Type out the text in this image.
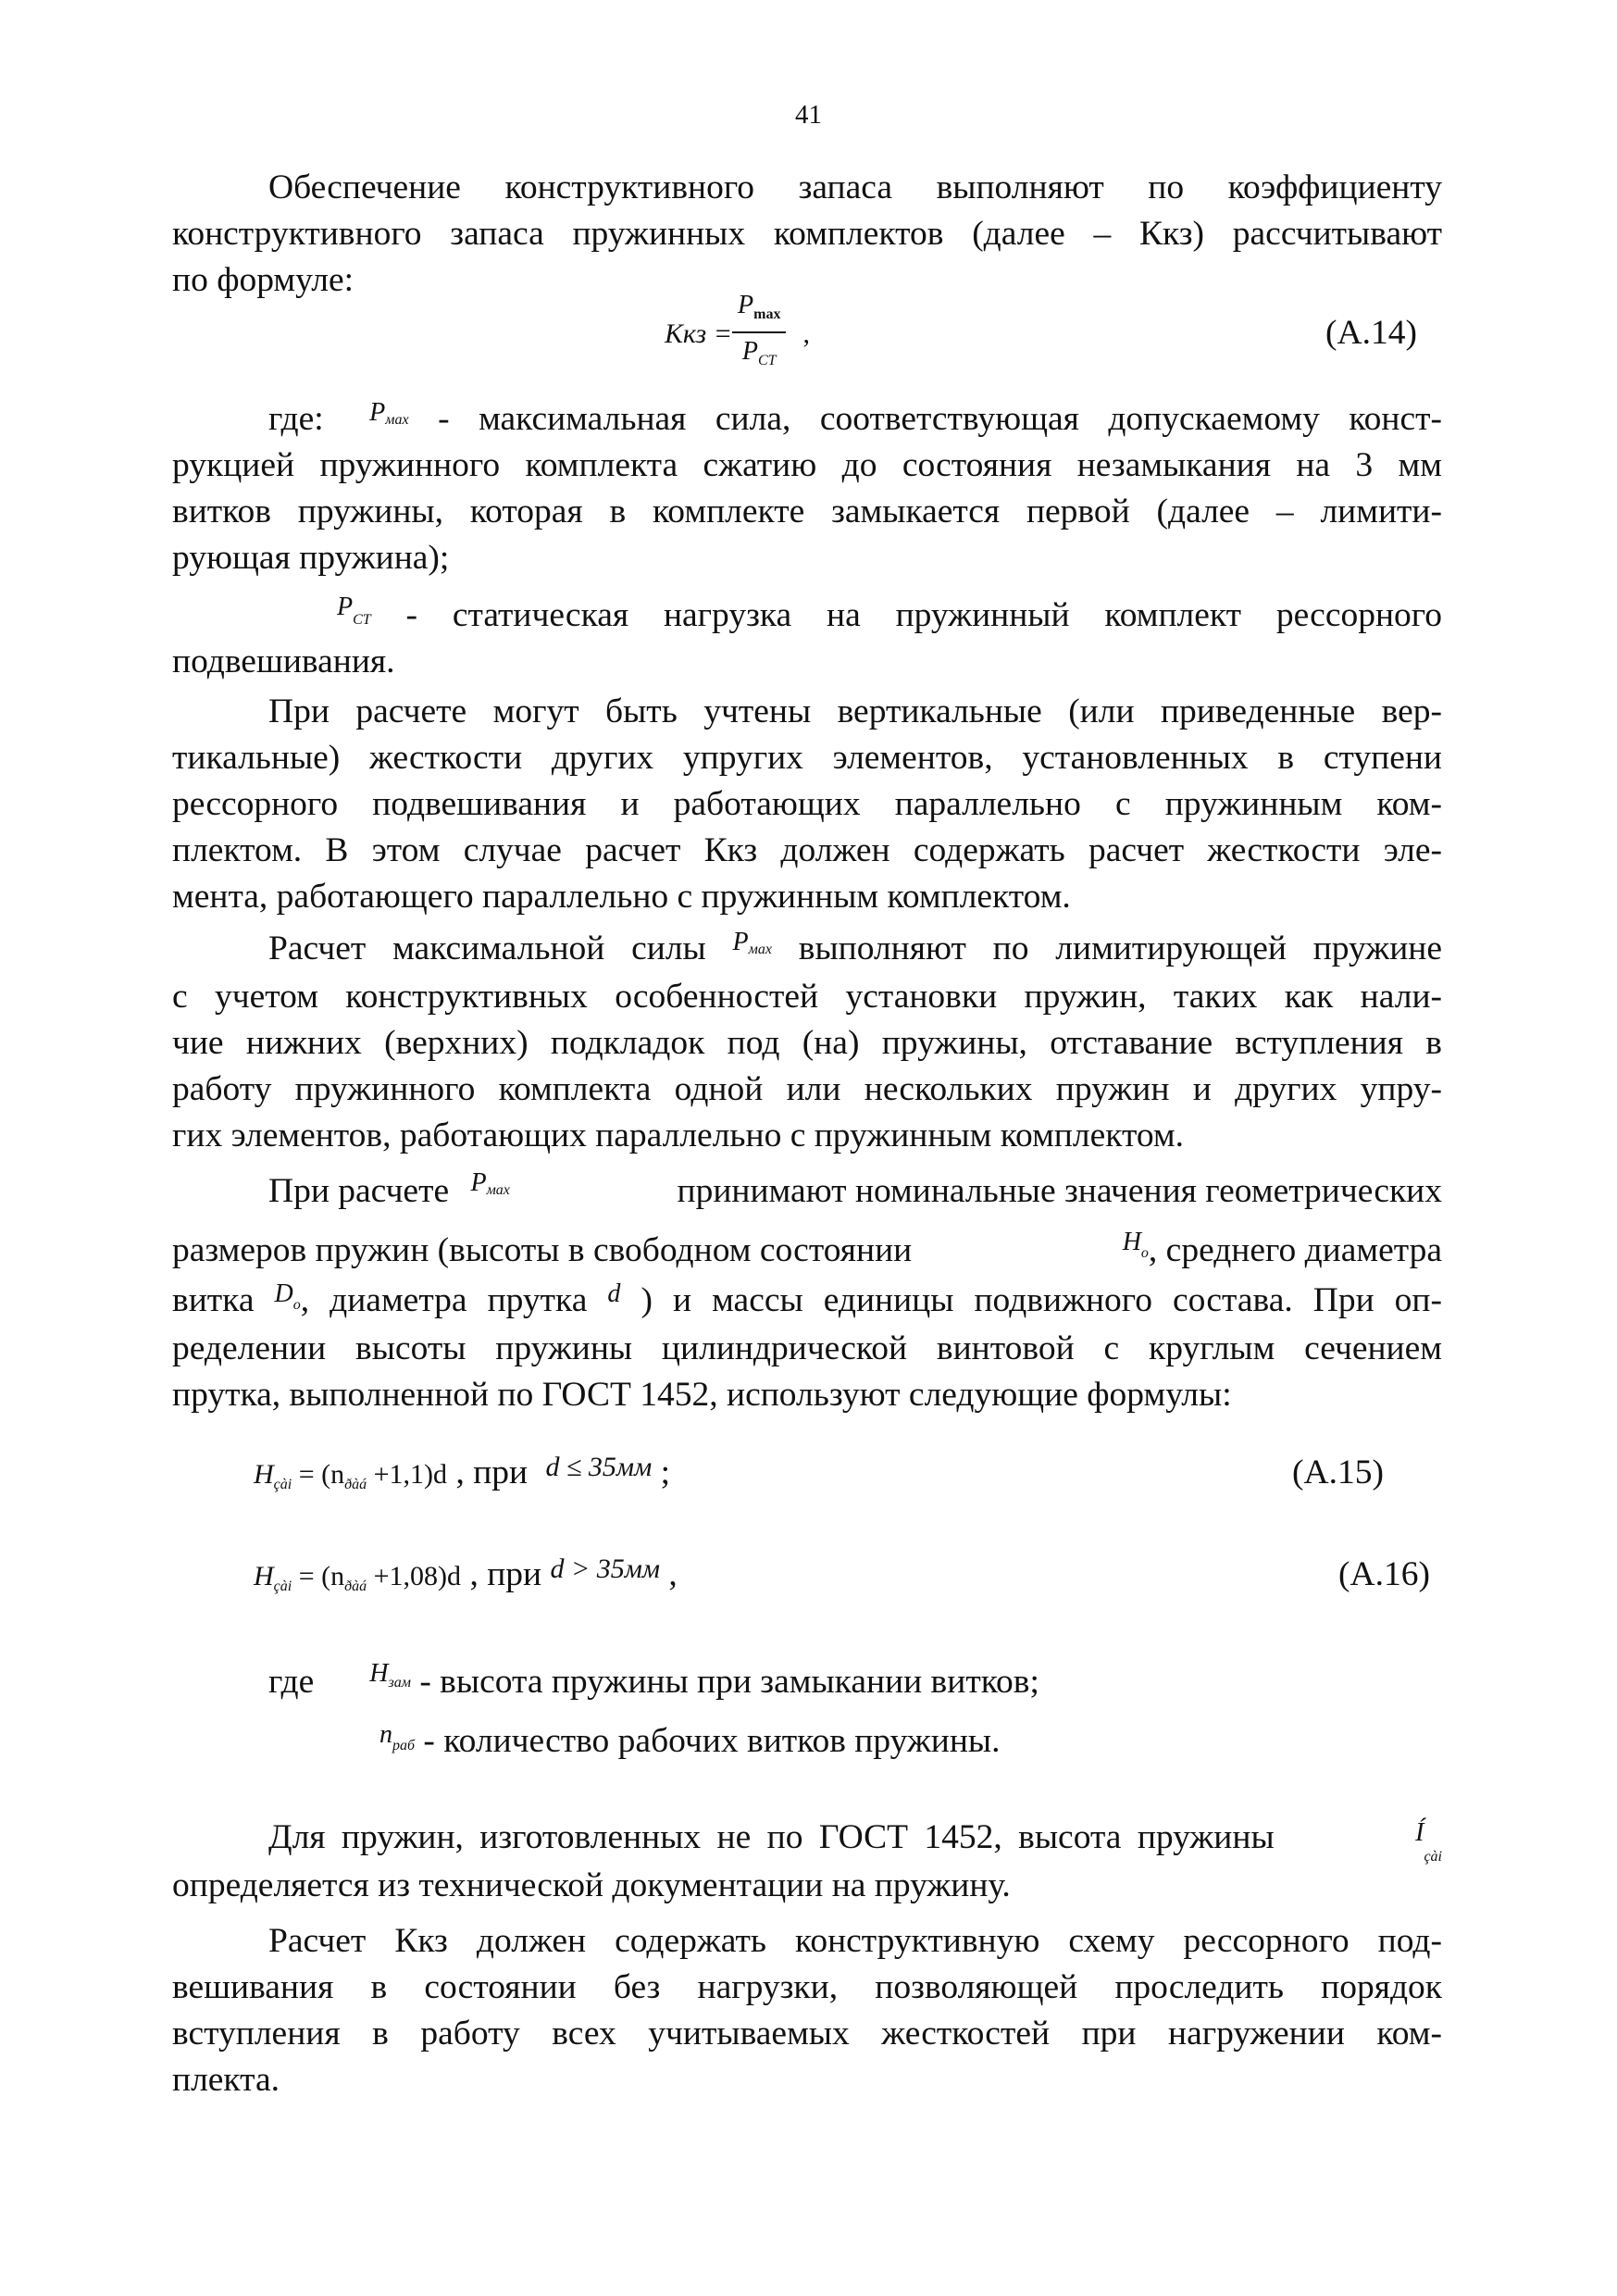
41
Обеспечение конструктивного запаса выполняют по коэффициенту
конструктивного запаса пружинных комплектов (далее – Ккз) рассчитывают
по формуле:
Ккз = $\frac{Pmax}{\text{PСТ}}$ ,	(А.14)
где: $^P$мах - максимальная сила, соответствующая допускаемому конст-
рукцией пружинного комплекта сжатию до состояния незамыкания на 3 мм
витков пружины, которая в комплекте замыкается первой (далее – лимити-
рующая пружина);
$^P$СТ - статическая нагрузка на пружинный комплект рессорного
подвешивания.
При расчете могут быть учтены вертикальные (или приведенные вер-
тикальные) жесткости других упругих элементов, установленных в ступени
рессорного подвешивания и работающих параллельно с пружинным ком-
плектом. В этом случае расчет Ккз должен содержать расчет жесткости эле-
мента, работающего параллельно с пружинным комплектом.
Расчет максимальной силы $^P$мах выполняют по лимитирующей пружине
с учетом конструктивных особенностей установки пружин, таких как нали-
чие нижних (верхних) подкладок под (на) пружины, отставание вступления в
работу пружинного комплекта одной или нескольких пружин и других упру-
гих элементов, работающих параллельно с пружинным комплектом.
При расчете $^{Pмах}$	принимают номинальные значения геометрических
размеров пружин (высоты в свободном состоянии	$^H$o, среднего диаметра
витка $^D$o, диаметра прутка $^d$ ) и массы единицы подвижного состава. При оп-
ределении высоты пружины цилиндрической винтовой с круглым сечением
прутка, выполненной по ГОСТ 1452, используют следующие формулы:
Hçài = (nðàá +1,1)d , при d ≤ 35мм ;	(А.15)
Hçài = (nðàá +1,08)d , при d > 35мм ,	(А.16)
где $^H$зам - высота пружины при замыкании витков;
$^n$раб - количество рабочих витков пружины.
Для пружин, изготовленных не по ГОСТ 1452, высота пружины	$^Í_{çài}$
определяется из технической документации на пружину.
Расчет Ккз должен содержать конструктивную схему рессорного под-
вешивания в состоянии без нагрузки, позволяющей проследить порядок
вступления в работу всех учитываемых жесткостей при нагружении ком-
плекта.
